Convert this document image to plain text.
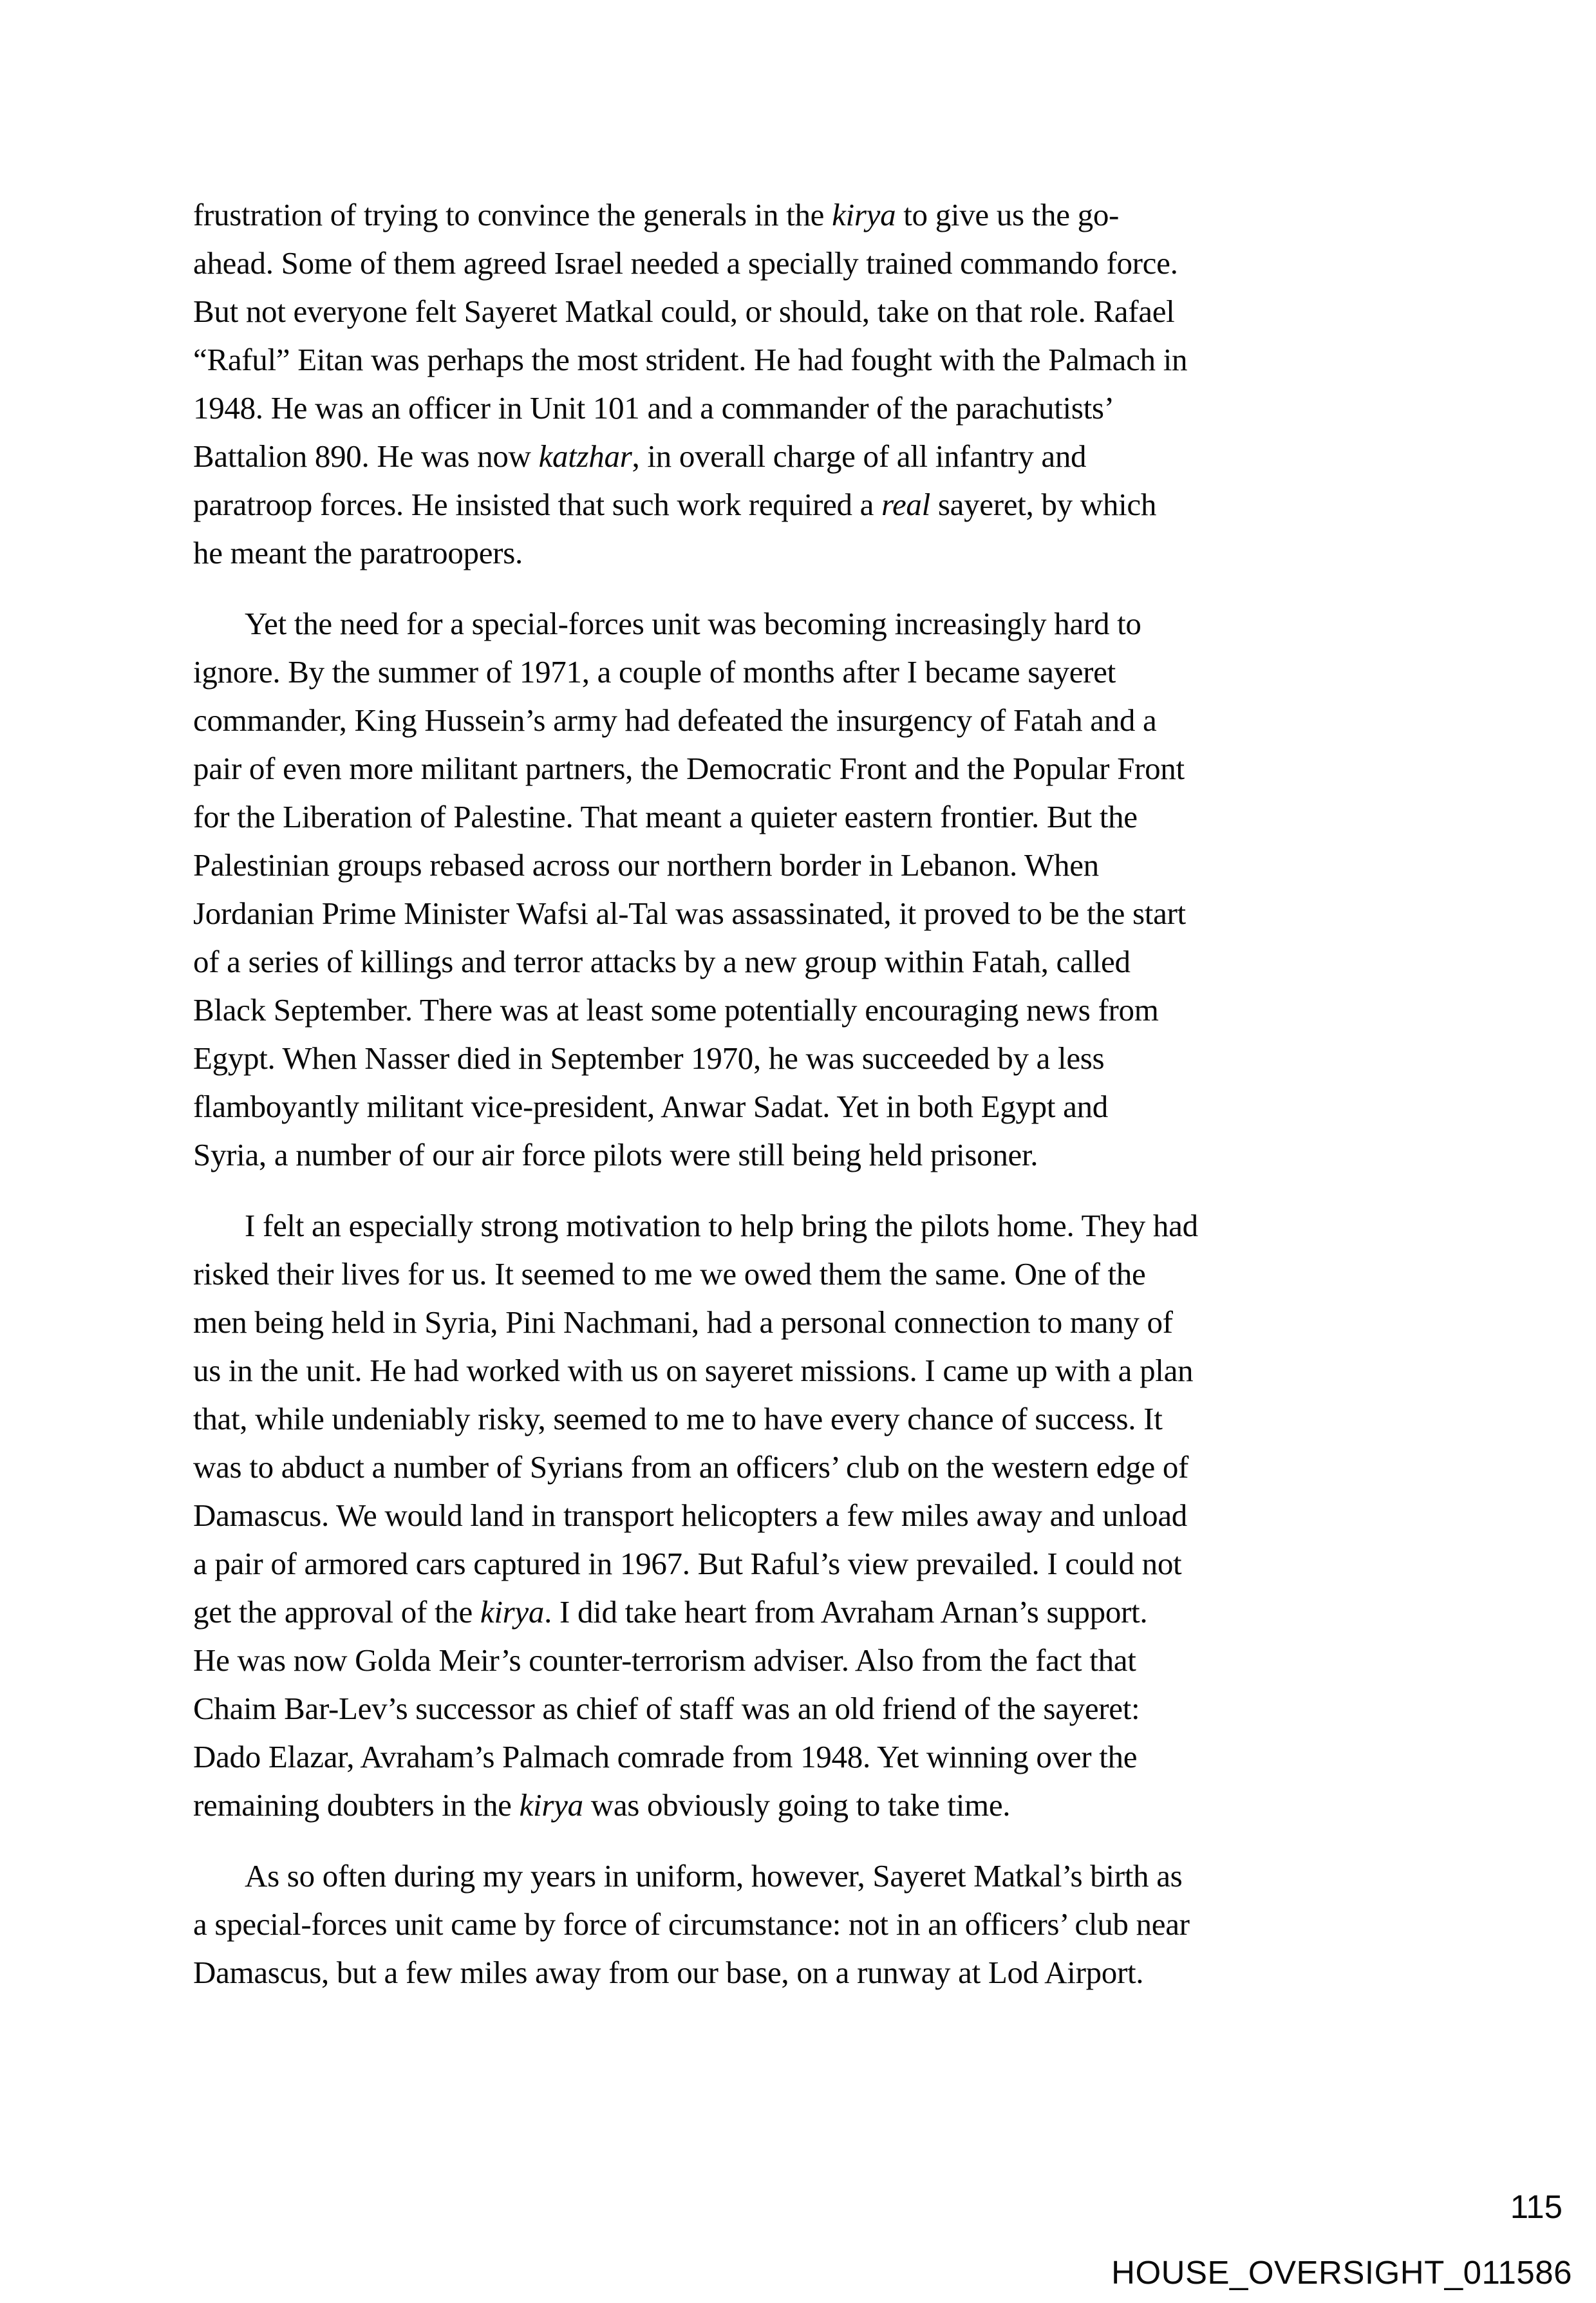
frustration of trying to convince the generals in the kirya to give us the go-
ahead. Some of them agreed Israel needed a specially trained commando force.
But not everyone felt Sayeret Matkal could, or should, take on that role. Rafael
“Raful” Eitan was perhaps the most strident. He had fought with the Palmach in
1948. He was an officer in Unit 101 and a commander of the parachutists’
Battalion 890. He was now katzhar, in overall charge of all infantry and
paratroop forces. He insisted that such work required a real sayeret, by which
he meant the paratroopers.

Yet the need for a special-forces unit was becoming increasingly hard to
ignore. By the summer of 1971, a couple of months after I became sayeret
commander, King Hussein’s army had defeated the insurgency of Fatah and a
pair of even more militant partners, the Democratic Front and the Popular Front
for the Liberation of Palestine. That meant a quieter eastern frontier. But the
Palestinian groups rebased across our northern border in Lebanon. When
Jordanian Prime Minister Wafsi al-Tal was assassinated, it proved to be the start
of a series of killings and terror attacks by a new group within Fatah, called
Black September. There was at least some potentially encouraging news from
Egypt. When Nasser died in September 1970, he was succeeded by a less
flamboyantly militant vice-president, Anwar Sadat. Yet in both Egypt and
Syria, a number of our air force pilots were still being held prisoner.

I felt an especially strong motivation to help bring the pilots home. They had
risked their lives for us. It seemed to me we owed them the same. One of the
men being held in Syria, Pini Nachmani, had a personal connection to many of
us in the unit. He had worked with us on sayeret missions. I came up with a plan
that, while undeniably risky, seemed to me to have every chance of success. It
was to abduct a number of Syrians from an officers’ club on the western edge of
Damascus. We would land in transport helicopters a few miles away and unload
a pair of armored cars captured in 1967. But Raful’s view prevailed. I could not
get the approval of the kirya. I did take heart from Avraham Arnan’s support.
He was now Golda Meir’s counter-terrorism adviser. Also from the fact that
Chaim Bar-Lev’s successor as chief of staff was an old friend of the sayeret:
Dado Elazar, Avraham’s Palmach comrade from 1948. Yet winning over the
remaining doubters in the kirya was obviously going to take time.

As so often during my years in uniform, however, Sayeret Matkal’s birth as
a special-forces unit came by force of circumstance: not in an officers’ club near
Damascus, but a few miles away from our base, on a runway at Lod Airport.

115
HOUSE_OVERSIGHT_011586
